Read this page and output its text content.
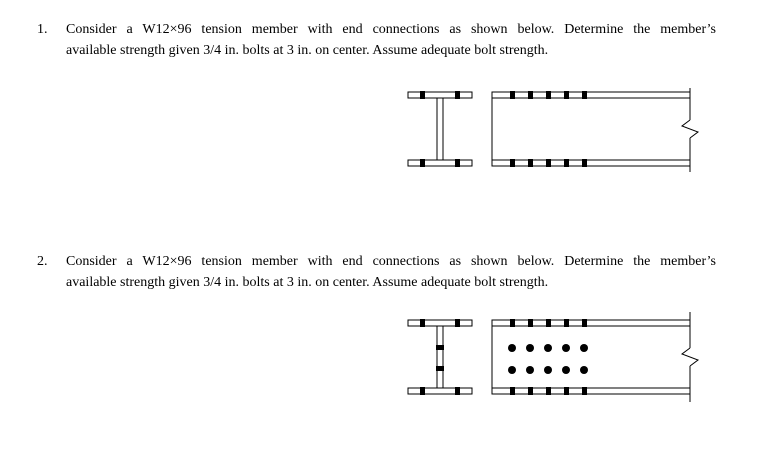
1. Consider a W12×96 tension member with end connections as shown below. Determine the member’s
available strength given 3/4 in. bolts at 3 in. on center. Assume adequate bolt strength.
2. Consider a W12×96 tension member with end connections as shown below. Determine the member’s
available strength given 3/4 in. bolts at 3 in. on center. Assume adequate bolt strength.
